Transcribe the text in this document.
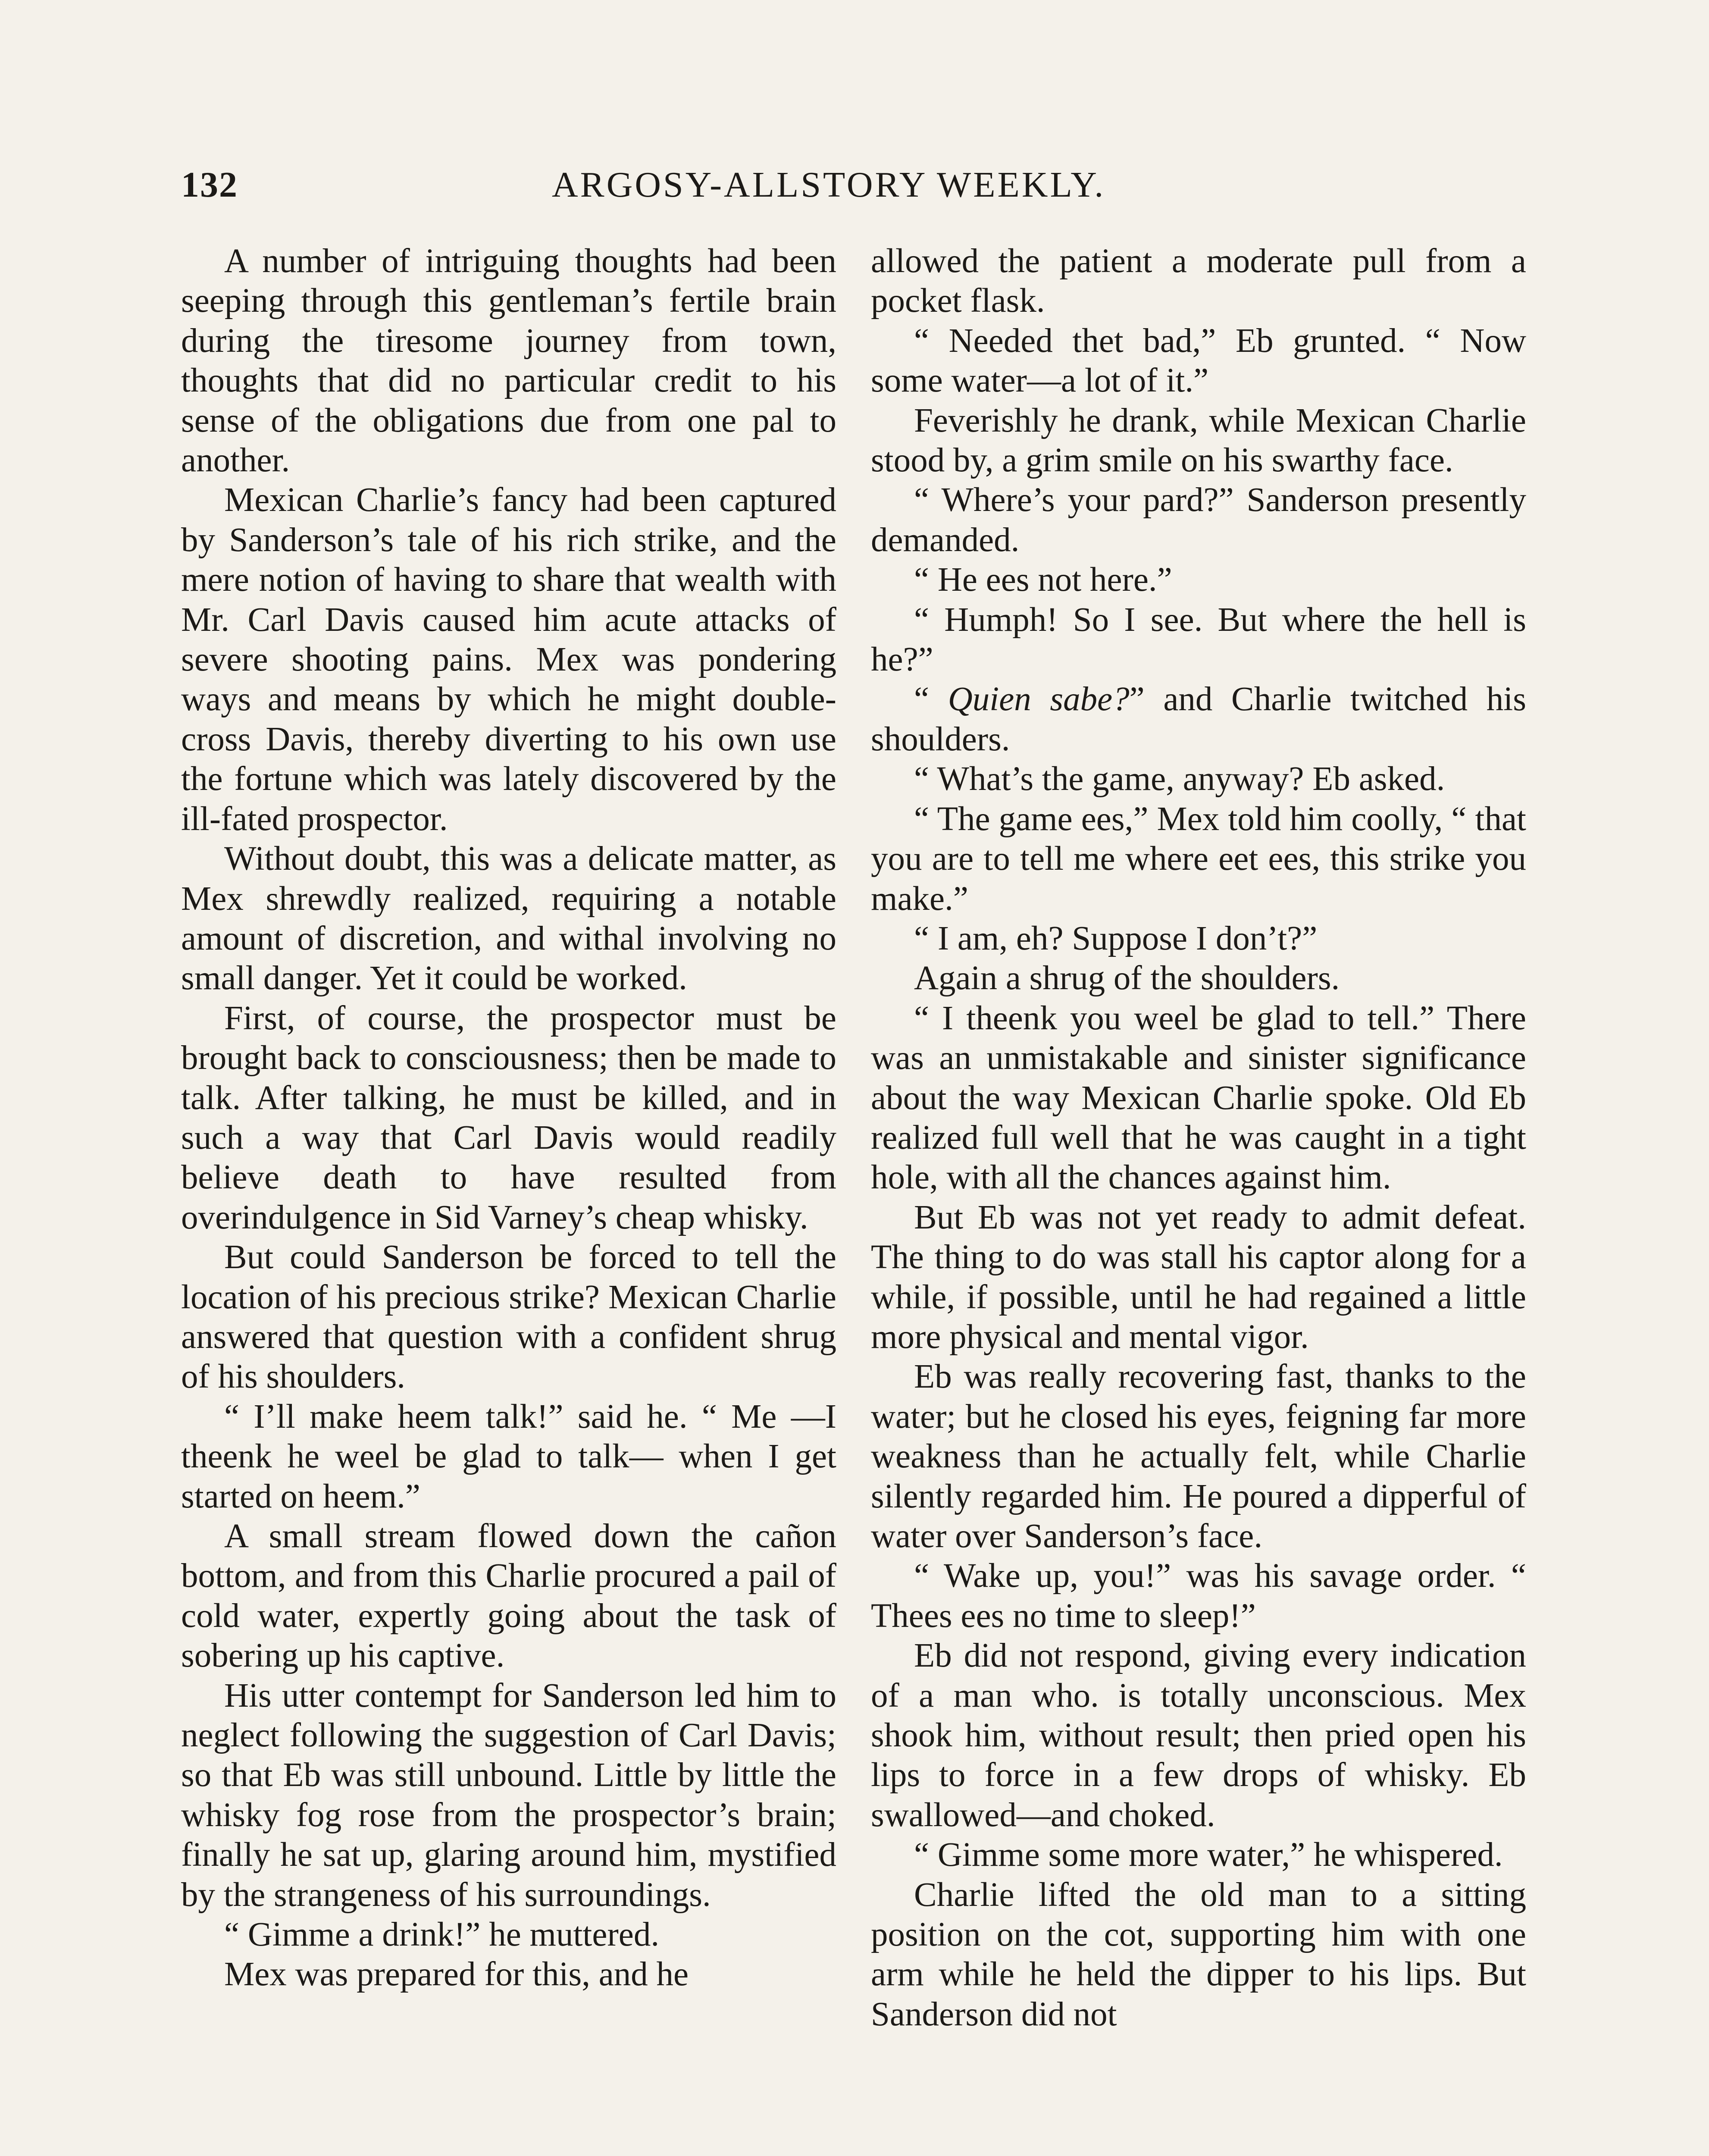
132	ARGOSY-ALLSTORY WEEKLY.

A number of intriguing thoughts had been seeping through this gentleman’s fertile brain during the tiresome journey from town, thoughts that did no particular credit to his sense of the obligations due from one pal to another.

Mexican Charlie’s fancy had been captured by Sanderson’s tale of his rich strike, and the mere notion of having to share that wealth with Mr. Carl Davis caused him acute attacks of severe shooting pains. Mex was pondering ways and means by which he might double-cross Davis, thereby diverting to his own use the fortune which was lately discovered by the ill-fated prospector.

Without doubt, this was a delicate matter, as Mex shrewdly realized, requiring a notable amount of discretion, and withal involving no small danger. Yet it could be worked.

First, of course, the prospector must be brought back to consciousness; then be made to talk. After talking, he must be killed, and in such a way that Carl Davis would readily believe death to have resulted from overindulgence in Sid Varney’s cheap whisky.

But could Sanderson be forced to tell the location of his precious strike? Mexican Charlie answered that question with a confident shrug of his shoulders.

“ I’ll make heem talk!” said he. “ Me —I theenk he weel be glad to talk— when I get started on heem.”

A small stream flowed down the cañon bottom, and from this Charlie procured a pail of cold water, expertly going about the task of sobering up his captive.

His utter contempt for Sanderson led him to neglect following the suggestion of Carl Davis; so that Eb was still unbound. Little by little the whisky fog rose from the prospector’s brain; finally he sat up, glaring around him, mystified by the strangeness of his surroundings.

“ Gimme a drink!” he muttered.

Mex was prepared for this, and he

allowed the patient a moderate pull from a pocket flask.

“ Needed thet bad,” Eb grunted. “ Now some water—a lot of it.”

Feverishly he drank, while Mexican Charlie stood by, a grim smile on his swarthy face.

“ Where’s your pard?” Sanderson presently demanded.

“ He ees not here.”

“ Humph! So I see. But where the hell is he?”

“ Quien sabe?” and Charlie twitched his shoulders.

“ What’s the game, anyway? Eb asked.

“ The game ees,” Mex told him coolly, “ that you are to tell me where eet ees, this strike you make.”

“ I am, eh? Suppose I don’t?”

Again a shrug of the shoulders.

“ I theenk you weel be glad to tell.” There was an unmistakable and sinister significance about the way Mexican Charlie spoke. Old Eb realized full well that he was caught in a tight hole, with all the chances against him.

But Eb was not yet ready to admit defeat. The thing to do was stall his captor along for a while, if possible, until he had regained a little more physical and mental vigor.

Eb was really recovering fast, thanks to the water; but he closed his eyes, feigning far more weakness than he actually felt, while Charlie silently regarded him. He poured a dipperful of water over Sanderson’s face.

“ Wake up, you!” was his savage order. “ Thees ees no time to sleep!”

Eb did not respond, giving every indication of a man who. is totally unconscious. Mex shook him, without result; then pried open his lips to force in a few drops of whisky. Eb swallowed—and choked.

“ Gimme some more water,” he whispered.

Charlie lifted the old man to a sitting position on the cot, supporting him with one arm while he held the dipper to his lips. But Sanderson did not
